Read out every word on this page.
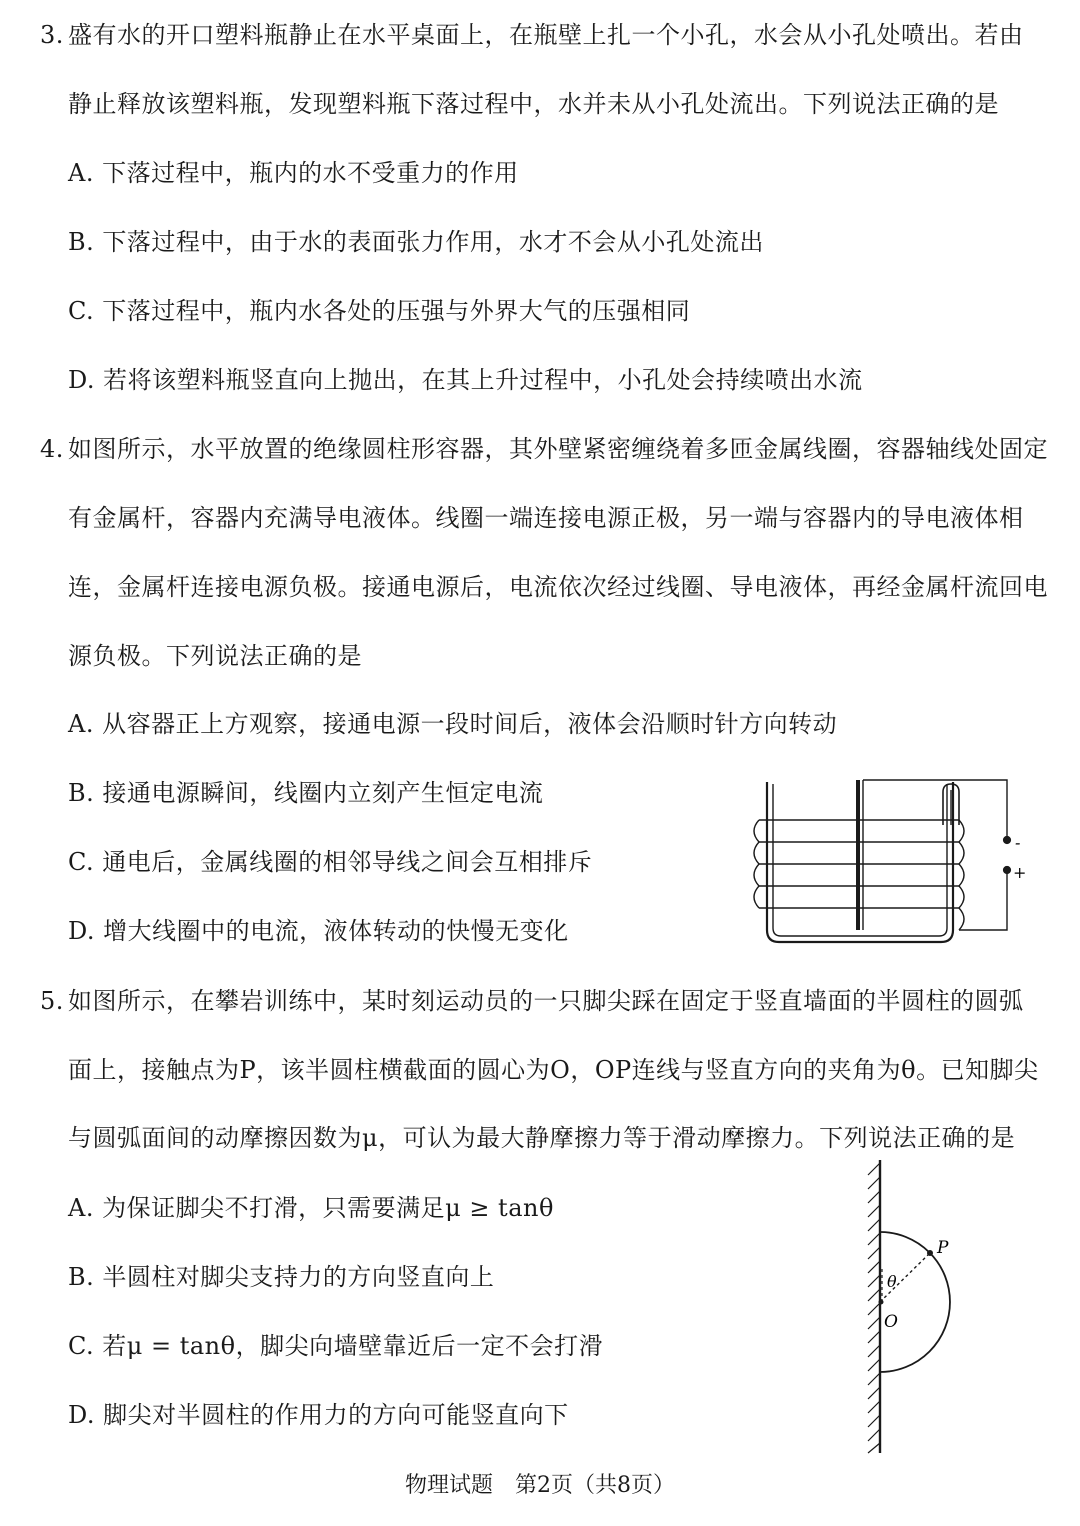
3. 盛有水的开口塑料瓶静止在水平桌面上，在瓶壁上扎一个小孔，水会从小孔处喷出。若由
静止释放该塑料瓶，发现塑料瓶下落过程中，水并未从小孔处流出。下列说法正确的是
A. 下落过程中，瓶内的水不受重力的作用
B. 下落过程中，由于水的表面张力作用，水才不会从小孔处流出
C. 下落过程中，瓶内水各处的压强与外界大气的压强相同
D. 若将该塑料瓶竖直向上抛出，在其上升过程中，小孔处会持续喷出水流
4. 如图所示，水平放置的绝缘圆柱形容器，其外壁紧密缠绕着多匝金属线圈，容器轴线处固定
有金属杆，容器内充满导电液体。线圈一端连接电源正极，另一端与容器内的导电液体相
连，金属杆连接电源负极。接通电源后，电流依次经过线圈、导电液体，再经金属杆流回电
源负极。下列说法正确的是
A. 从容器正上方观察，接通电源一段时间后，液体会沿顺时针方向转动
B. 接通电源瞬间，线圈内立刻产生恒定电流
C. 通电后，金属线圈的相邻导线之间会互相排斥
D. 增大线圈中的电流，液体转动的快慢无变化
-
+
5. 如图所示，在攀岩训练中，某时刻运动员的一只脚尖踩在固定于竖直墙面的半圆柱的圆弧
面上，接触点为P，该半圆柱横截面的圆心为O，OP连线与竖直方向的夹角为θ。已知脚尖
与圆弧面间的动摩擦因数为μ，可认为最大静摩擦力等于滑动摩擦力。下列说法正确的是
A. 为保证脚尖不打滑，只需要满足μ ≥ tanθ
B. 半圆柱对脚尖支持力的方向竖直向上
C. 若μ = tanθ，脚尖向墙壁靠近后一定不会打滑
D. 脚尖对半圆柱的作用力的方向可能竖直向下
P
O
θ
物理试题　第2页（共8页）
